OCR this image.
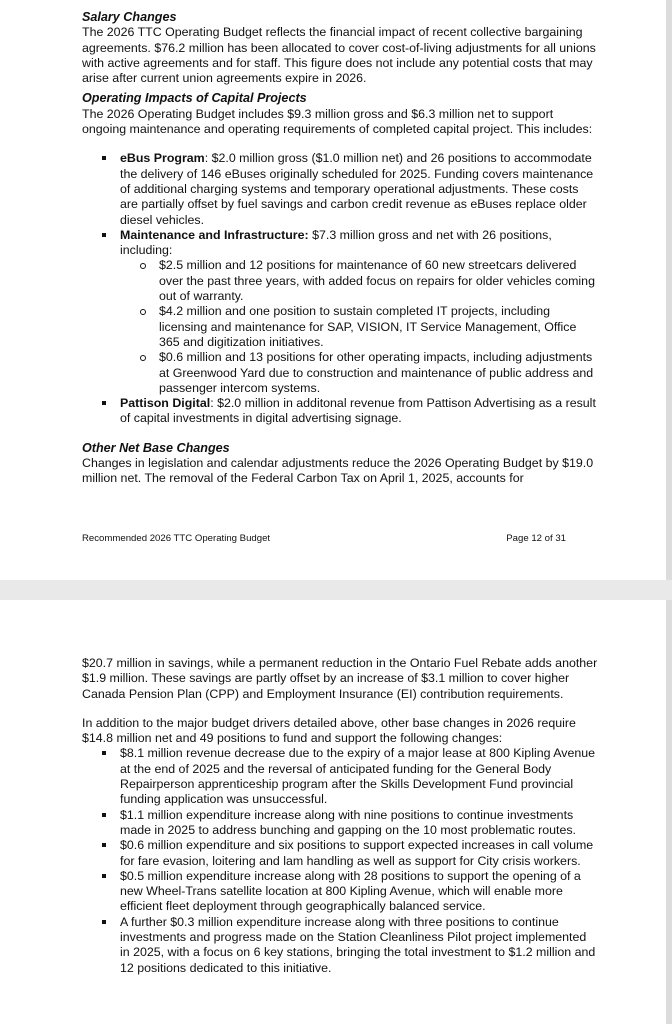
Salary Changes

The 2026 TTC Operating Budget reflects the financial impact of recent collective bargaining agreements. $76.2 million has been allocated to cover cost-of-living adjustments for all unions with active agreements and for staff. This figure does not include any potential costs that may arise after current union agreements expire in 2026.

Operating Impacts of Capital Projects

The 2026 Operating Budget includes $9.3 million gross and $6.3 million net to support ongoing maintenance and operating requirements of completed capital project. This includes:

eBus Program: $2.0 million gross ($1.0 million net) and 26 positions to accommodate the delivery of 146 eBuses originally scheduled for 2025. Funding covers maintenance of additional charging systems and temporary operational adjustments. These costs are partially offset by fuel savings and carbon credit revenue as eBuses replace older diesel vehicles.
Maintenance and Infrastructure: $7.3 million gross and net with 26 positions, including:
$2.5 million and 12 positions for maintenance of 60 new streetcars delivered over the past three years, with added focus on repairs for older vehicles coming out of warranty.
$4.2 million and one position to sustain completed IT projects, including licensing and maintenance for SAP, VISION, IT Service Management, Office 365 and digitization initiatives.
$0.6 million and 13 positions for other operating impacts, including adjustments at Greenwood Yard due to construction and maintenance of public address and passenger intercom systems.
Pattison Digital: $2.0 million in additonal revenue from Pattison Advertising as a result of capital investments in digital advertising signage.
Other Net Base Changes

Changes in legislation and calendar adjustments reduce the 2026 Operating Budget by $19.0 million net. The removal of the Federal Carbon Tax on April 1, 2025, accounts for

Recommended 2026 TTC Operating Budget	Page 12 of 31

$20.7 million in savings, while a permanent reduction in the Ontario Fuel Rebate adds another $1.9 million. These savings are partly offset by an increase of $3.1 million to cover higher Canada Pension Plan (CPP) and Employment Insurance (EI) contribution requirements.

In addition to the major budget drivers detailed above, other base changes in 2026 require $14.8 million net and 49 positions to fund and support the following changes:

$8.1 million revenue decrease due to the expiry of a major lease at 800 Kipling Avenue at the end of 2025 and the reversal of anticipated funding for the General Body Repairperson apprenticeship program after the Skills Development Fund provincial funding application was unsuccessful.
$1.1 million expenditure increase along with nine positions to continue investments made in 2025 to address bunching and gapping on the 10 most problematic routes.
$0.6 million expenditure and six positions to support expected increases in call volume for fare evasion, loitering and lam handling as well as support for City crisis workers.
$0.5 million expenditure increase along with 28 positions to support the opening of a new Wheel-Trans satellite location at 800 Kipling Avenue, which will enable more efficient fleet deployment through geographically balanced service.
A further $0.3 million expenditure increase along with three positions to continue investments and progress made on the Station Cleanliness Pilot project implemented in 2025, with a focus on 6 key stations, bringing the total investment to $1.2 million and 12 positions dedicated to this initiative.
